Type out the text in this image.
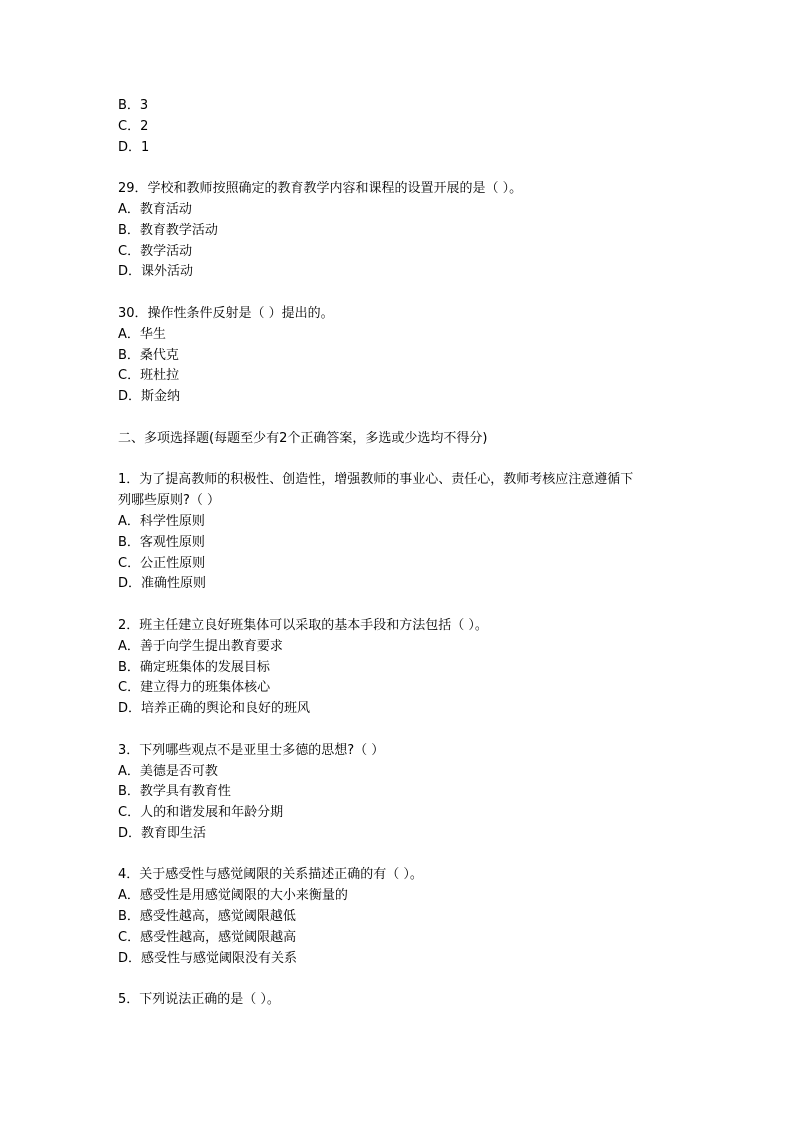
B．3

C．2

D．1

29．学校和教师按照确定的教育教学内容和课程的设置开展的是（ ）。

A．教育活动

B．教育教学活动

C．教学活动

D．课外活动

30．操作性条件反射是（ ）提出的。

A．华生

B．桑代克

C．班杜拉

D．斯金纳

二、多项选择题(每题至少有2个正确答案，多选或少选均不得分)

1．为了提高教师的积极性、创造性，增强教师的事业心、责任心，教师考核应注意遵循下

列哪些原则?（ ）

A．科学性原则

B．客观性原则

C．公正性原则

D．准确性原则

2．班主任建立良好班集体可以采取的基本手段和方法包括（ ）。

A．善于向学生提出教育要求

B．确定班集体的发展目标

C．建立得力的班集体核心

D．培养正确的舆论和良好的班风

3．下列哪些观点不是亚里士多德的思想?（ ）

A．美德是否可教

B．教学具有教育性

C．人的和谐发展和年龄分期

D．教育即生活

4．关于感受性与感觉阈限的关系描述正确的有（ ）。

A．感受性是用感觉阈限的大小来衡量的

B．感受性越高，感觉阈限越低

C．感受性越高，感觉阈限越高

D．感受性与感觉阈限没有关系

5．下列说法正确的是（ ）。
